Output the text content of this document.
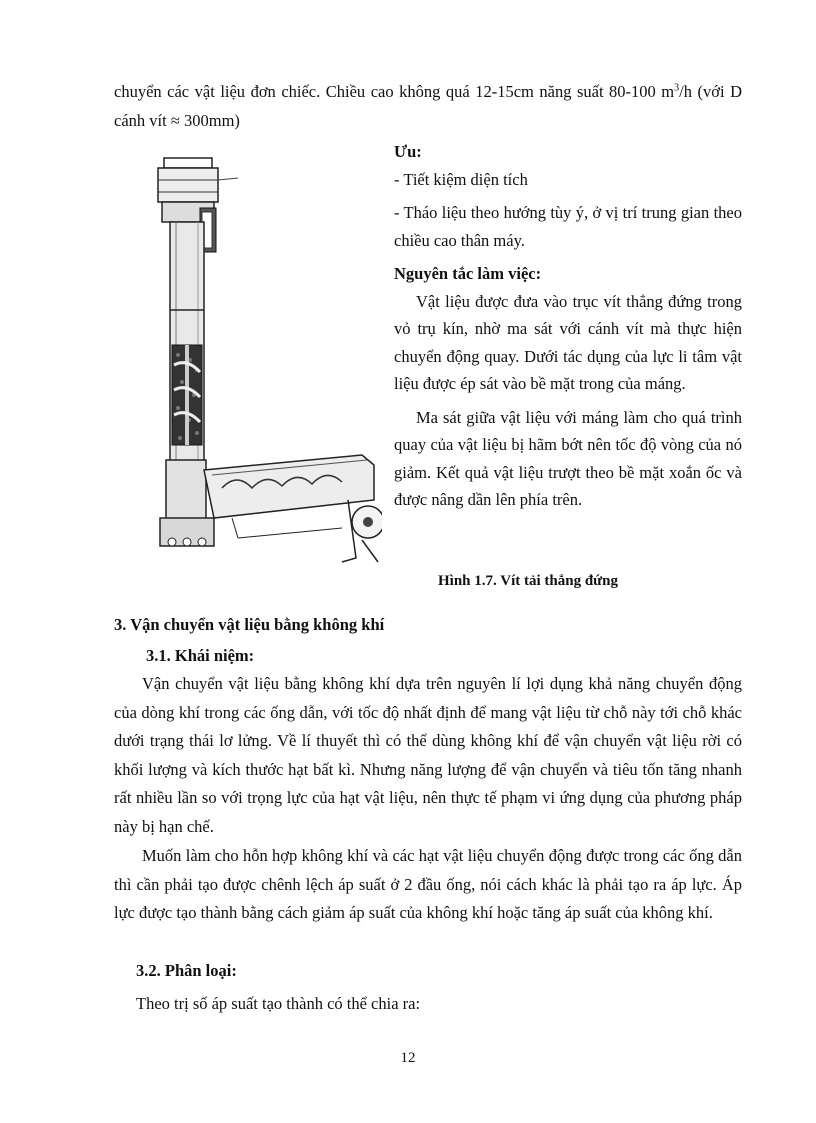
chuyển các vật liệu đơn chiếc. Chiều cao không quá 12-15cm năng suất 80-100 $m^3/h$ (với D cánh vít ≈ 300mm)

Ưu:

- Tiết kiệm diện tích

- Tháo liệu theo hướng tùy ý, ở vị trí trung gian theo chiều cao thân máy.

Nguyên tắc làm việc:

Vật liệu được đưa vào trục vít thẳng đứng trong vỏ trụ kín, nhờ ma sát với cánh vít mà thực hiện chuyển động quay. Dưới tác dụng của lực li tâm vật liệu được ép sát vào bề mặt trong của máng.

Ma sát giữa vật liệu với máng làm cho quá trình quay của vật liệu bị hãm bớt nên tốc độ vòng của nó giảm. Kết quả vật liệu trượt theo bề mặt xoắn ốc và được nâng dần lên phía trên.

Hình 1.7. Vít tải thẳng đứng

3. Vận chuyển vật liệu bằng không khí

3.1. Khái niệm:

Vận chuyển vật liệu bằng không khí dựa trên nguyên lí lợi dụng khả năng chuyển động của dòng khí trong các ống dẫn, với tốc độ nhất định để mang vật liệu từ chỗ này tới chỗ khác dưới trạng thái lơ lửng. Về lí thuyết thì có thể dùng không khí để vận chuyển vật liệu rời có khối lượng và kích thước hạt bất kì. Nhưng năng lượng để vận chuyển và tiêu tốn tăng nhanh rất nhiều lần so với trọng lực của hạt vật liệu, nên thực tế phạm vi ứng dụng của phương pháp này bị hạn chế.

Muốn làm cho hỗn hợp không khí và các hạt vật liệu chuyển động được trong các ống dẫn thì cần phải tạo được chênh lệch áp suất ở 2 đầu ống, nói cách khác là phải tạo ra áp lực. Áp lực được tạo thành bằng cách giảm áp suất của không khí hoặc tăng áp suất của không khí.

3.2. Phân loại:

Theo trị số áp suất tạo thành có thể chia ra:

12
